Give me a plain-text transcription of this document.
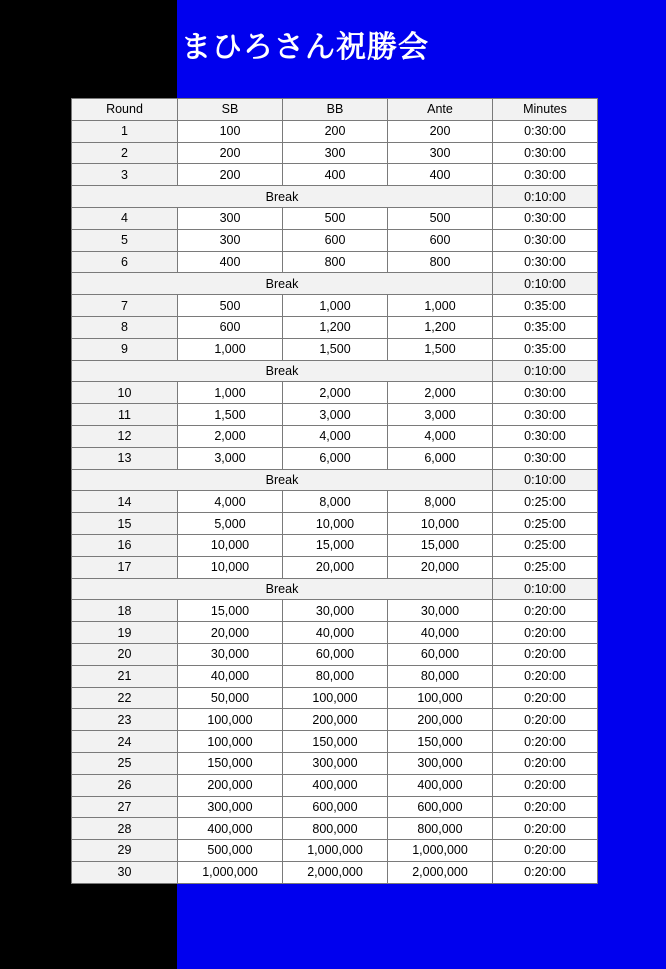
まひろさん祝勝会
Round	SB	BB	Ante	Minutes
1	100	200	200	0:30:00
2	200	300	300	0:30:00
3	200	400	400	0:30:00
Break				0:10:00
4	300	500	500	0:30:00
5	300	600	600	0:30:00
6	400	800	800	0:30:00
Break				0:10:00
7	500	1,000	1,000	0:35:00
8	600	1,200	1,200	0:35:00
9	1,000	1,500	1,500	0:35:00
Break				0:10:00
10	1,000	2,000	2,000	0:30:00
11	1,500	3,000	3,000	0:30:00
12	2,000	4,000	4,000	0:30:00
13	3,000	6,000	6,000	0:30:00
Break				0:10:00
14	4,000	8,000	8,000	0:25:00
15	5,000	10,000	10,000	0:25:00
16	10,000	15,000	15,000	0:25:00
17	10,000	20,000	20,000	0:25:00
Break				0:10:00
18	15,000	30,000	30,000	0:20:00
19	20,000	40,000	40,000	0:20:00
20	30,000	60,000	60,000	0:20:00
21	40,000	80,000	80,000	0:20:00
22	50,000	100,000	100,000	0:20:00
23	100,000	200,000	200,000	0:20:00
24	100,000	150,000	150,000	0:20:00
25	150,000	300,000	300,000	0:20:00
26	200,000	400,000	400,000	0:20:00
27	300,000	600,000	600,000	0:20:00
28	400,000	800,000	800,000	0:20:00
29	500,000	1,000,000	1,000,000	0:20:00
30	1,000,000	2,000,000	2,000,000	0:20:00
